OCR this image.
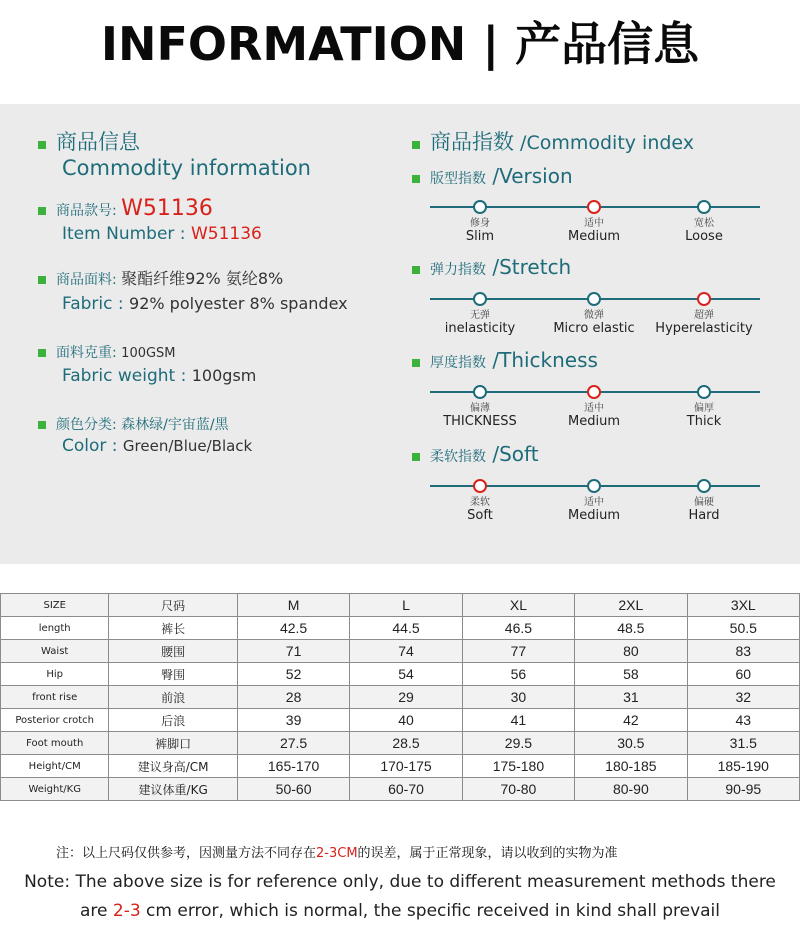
INFORMATION | 产品信息
商品信息
Commodity information
商品款号: W51136
Item Number : W51136
商品面料: 聚酯纤维92% 氨纶8%
Fabric : 92% polyester 8% spandex
面料克重: 100GSM
Fabric weight : 100gsm
颜色分类: 森林绿/宇宙蓝/黑
Color : Green/Blue/Black
商品指数 /Commodity index
版型指数 /Version
修身
Slim
适中
Medium
宽松
Loose
弹力指数 /Stretch
无弹
inelasticity
微弹
Micro elastic
超弹
Hyperelasticity
厚度指数 /Thickness
偏薄
THICKNESS
适中
Medium
偏厚
Thick
柔软指数 /Soft
柔软
Soft
适中
Medium
偏硬
Hard
SIZE	尺码	M	L	XL	2XL	3XL
length	裤长	42.5	44.5	46.5	48.5	50.5
Waist	腰围	71	74	77	80	83
Hip	臀围	52	54	56	58	60
front rise	前浪	28	29	30	31	32
Posterior crotch	后浪	39	40	41	42	43
Foot mouth	裤脚口	27.5	28.5	29.5	30.5	31.5
Height/CM	建议身高/CM	165-170	170-175	175-180	180-185	185-190
Weight/KG	建议体重/KG	50-60	60-70	70-80	80-90	90-95
注：以上尺码仅供参考，因测量方法不同存在2-3CM的误差，属于正常现象，请以收到的实物为准
Note: The above size is for reference only, due to different measurement methods there
are 2-3 cm error, which is normal, the specific received in kind shall prevail
